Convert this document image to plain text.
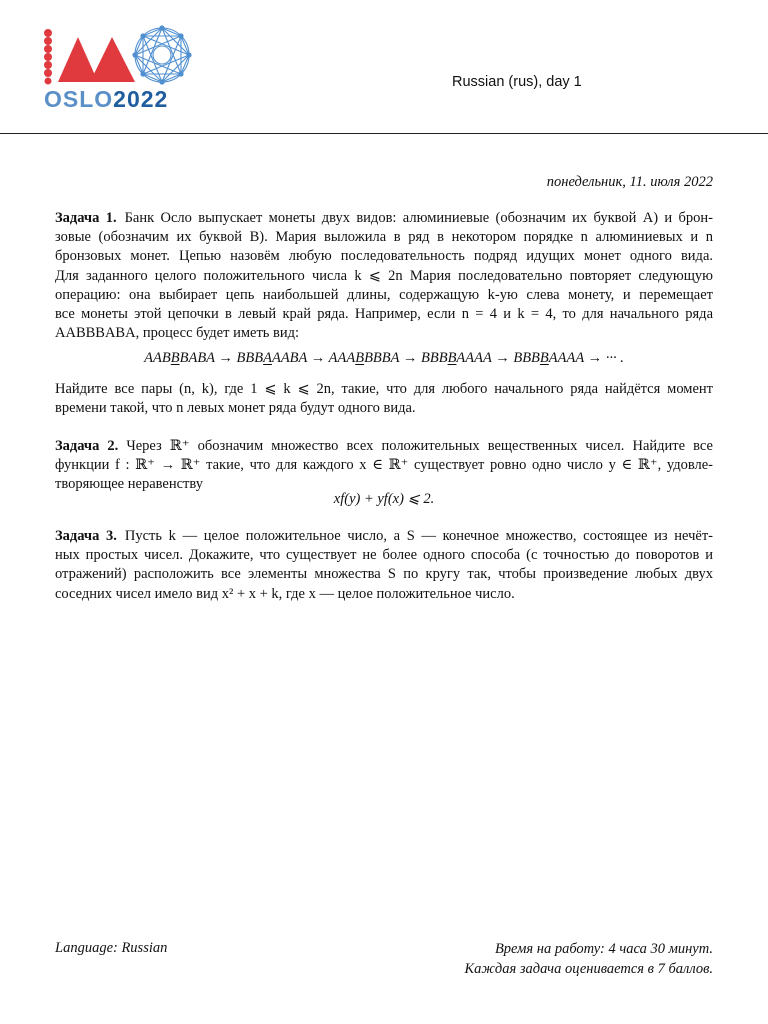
OSLO2022
Russian (rus), day 1
понедельник, 11. июля 2022
Задача 1. Банк Осло выпускает монеты двух видов: алюминиевые (обозначим их буквой A) и брон-
зовые (обозначим их буквой B). Мария выложила в ряд в некотором порядке n алюминиевых и n
бронзовых монет. Цепью назовём любую последовательность подряд идущих монет одного вида.
Для заданного целого положительного числа k ⩽ 2n Мария последовательно повторяет следующую
операцию: она выбирает цепь наибольшей длины, содержащую k-ую слева монету, и перемещает
все монеты этой цепочки в левый край ряда. Например, если n = 4 и k = 4, то для начального ряда
AABBBABA, процесс будет иметь вид:
AABBBABA → BBBAAABA → AAABBBBA → BBBBAAAA → BBBBAAAA → ··· .
Найдите все пары (n, k), где 1 ⩽ k ⩽ 2n, такие, что для любого начального ряда найдётся момент
времени такой, что n левых монет ряда будут одного вида.
Задача 2. Через ℝ⁺ обозначим множество всех положительных вещественных чисел. Найдите все
функции f : ℝ⁺ → ℝ⁺ такие, что для каждого x ∈ ℝ⁺ существует ровно одно число y ∈ ℝ⁺, удовле-
творяющее неравенству
xf(y) + yf(x) ⩽ 2.
Задача 3. Пусть k — целое положительное число, а S — конечное множество, состоящее из нечёт-
ных простых чисел. Докажите, что существует не более одного способа (с точностью до поворотов и
отражений) расположить все элементы множества S по кругу так, чтобы произведение любых двух
соседних чисел имело вид x² + x + k, где x — целое положительное число.
Language: Russian	Время на работу: 4 часа 30 минут.
Каждая задача оценивается в 7 баллов.
